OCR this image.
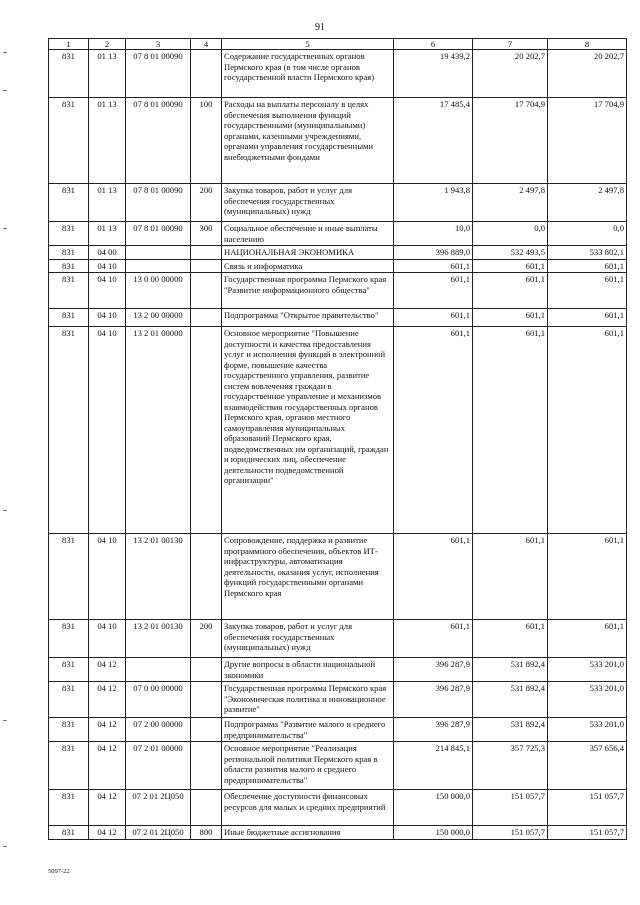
91
1	2	3	4	5	6	7	8
831	01 13	07 8 01 00090		Содержание государственных органов Пермского края (в том числе органов государственной власти Пермского края)	19 439,2	20 202,7	20 202,7
831	01 13	07 8 01 00090	100	Расходы на выплаты персоналу в целях обеспечения выполнения функций государственными (муниципальными) органами, казенными учреждениями, органами управления государственными внебюджетными фондами	17 485,4	17 704,9	17 704,9
831	01 13	07 8 01 00090	200	Закупка товаров, работ и услуг для обеспечения государственных (муниципальных) нужд	1 943,8	2 497,8	2 497,8
831	01 13	07 8 01 00090	300	Социальное обеспечение и иные выплаты населению	10,0	0,0	0,0
831	04 00			НАЦИОНАЛЬНАЯ ЭКОНОМИКА	396 889,0	532 493,5	533 802,1
831	04 10			Связь и информатика	601,1	601,1	601,1
831	04 10	13 0 00 00000		Государственная программа Пермского края "Развитие информационного общества"	601,1	601,1	601,1
831	04 10	13 2 00 00000		Подпрограмма "Открытое правительство"	601,1	601,1	601,1
831	04 10	13 2 01 00000		Основное мероприятие "Повышение доступности и качества предоставления услуг и исполнения функций в электронной форме, повышение качества государственного управления, развитие систем вовлечения граждан в государственное управление и механизмов взаимодействия государственных органов Пермского края, органов местного самоуправления муниципальных образований Пермского края, подведомственных им организаций, граждан и юридических лиц, обеспечение деятельности подведомственной организации"	601,1	601,1	601,1
831	04 10	13 2 01 00130		Сопровождение, поддержка и развитие программного обеспечения, объектов ИТ-инфраструктуры, автоматизация деятельности, оказания услуг, исполнения функций государственными органами Пермского края	601,1	601,1	601,1
831	04 10	13 2 01 00130	200	Закупка товаров, работ и услуг для обеспечения государственных (муниципальных) нужд	601,1	601,1	601,1
831	04 12			Другие вопросы в области национальной экономики	396 287,9	531 892,4	533 201,0
831	04 12	07 0 00 00000		Государственная программа Пермского края "Экономическая политика и инновационное развитие"	396 287,9	531 892,4	533 201,0
831	04 12	07 2 00 00000		Подпрограмма "Развитие малого и среднего предпринимательства"	396 287,9	531 892,4	533 201,0
831	04 12	07 2 01 00000		Основное мероприятие "Реализация региональной политики Пермского края в области развития малого и среднего предпринимательства"	214 845,1	357 725,3	357 656,4
831	04 12	07 2 01 2Ц050		Обеспечение доступности финансовых ресурсов для малых и средних предприятий	150 000,0	151 057,7	151 057,7
831	04 12	07 2 01 2Ц050	800	Иные бюджетные ассигнования	150 000,0	151 057,7	151 057,7
5097-22
